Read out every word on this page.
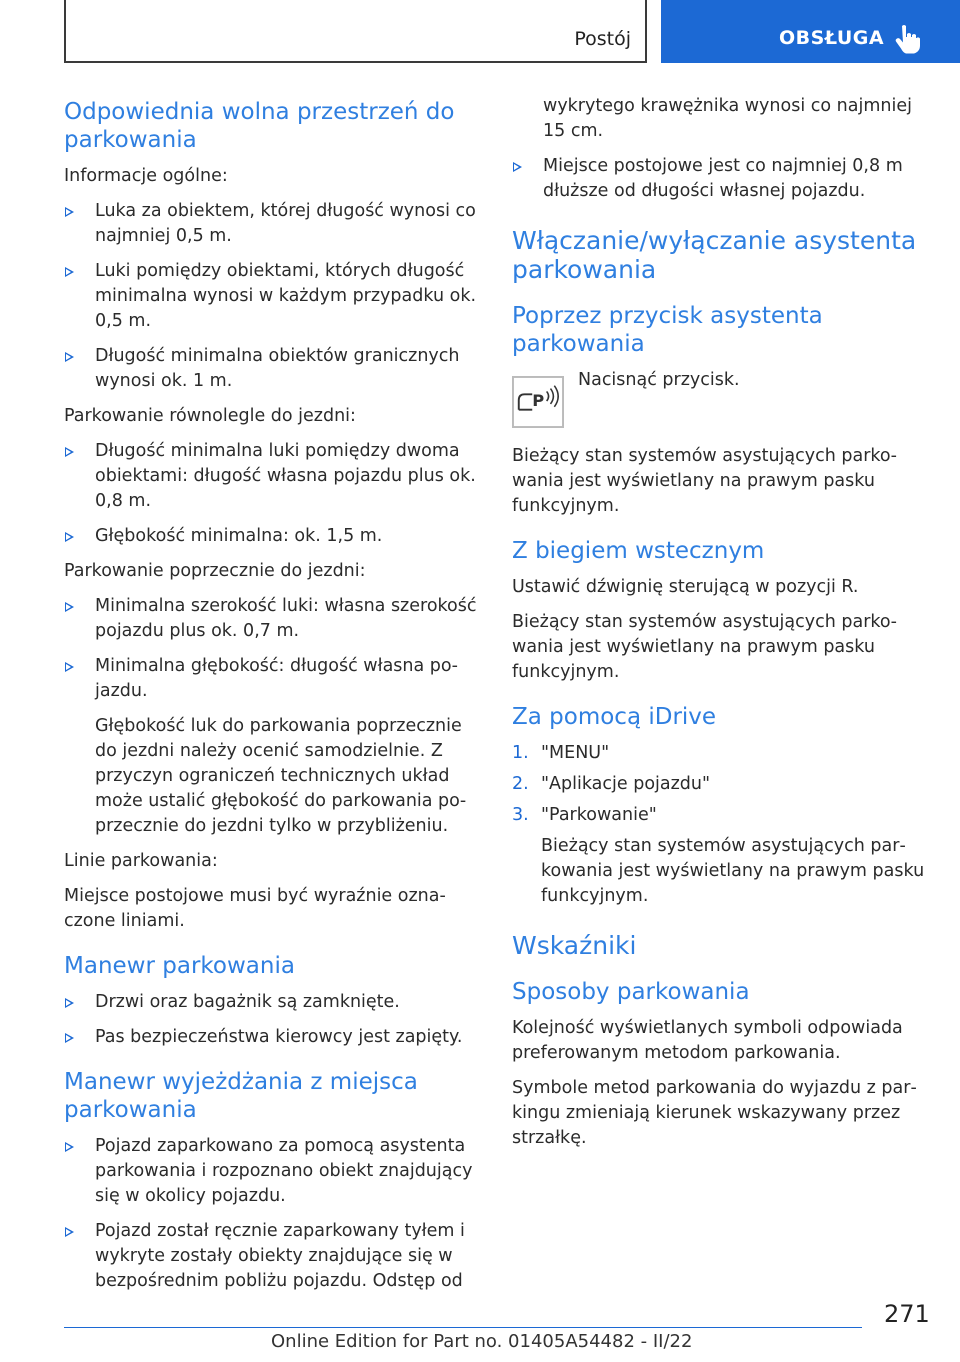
Postój	OBSŁUGA
Odpowiednia wolna przestrzeń do parkowania

Informacje ogólne:

Luka za obiektem, której długość wynosi co najmniej 0,5 m.
Luki pomiędzy obiektami, których długość minimalna wynosi w każdym przypadku ok. 0,5 m.
Długość minimalna obiektów granicznych wynosi ok. 1 m.

Parkowanie równolegle do jezdni:

Długość minimalna luki pomiędzy dwoma obiektami: długość własna pojazdu plus ok. 0,8 m.
Głębokość minimalna: ok. 1,5 m.

Parkowanie poprzecznie do jezdni:

Minimalna szerokość luki: własna szerokość pojazdu plus ok. 0,7 m.
Minimalna głębokość: długość własna pojazdu.
Głębokość luk do parkowania poprzecznie do jezdni należy ocenić samodzielnie. Z przyczyn ograniczeń technicznych układ może ustalić głębokość do parkowania poprzecznie do jezdni tylko w przybliżeniu.

Linie parkowania:

Miejsce postojowe musi być wyraźnie oznaczone liniami.

Manewr parkowania
Drzwi oraz bagażnik są zamknięte.
Pas bezpieczeństwa kierowcy jest zapięty.
Manewr wyjeżdżania z miejsca parkowania
Pojazd zaparkowano za pomocą asystenta parkowania i rozpoznano obiekt znajdujący się w okolicy pojazdu.
Pojazd został ręcznie zaparkowany tyłem i wykryte zostały obiekty znajdujące się w bezpośrednim pobliżu pojazdu. Odstęp od
wykrytego krawężnika wynosi co najmniej 15 cm.
Miejsce postojowe jest co najmniej 0,8 m dłuższe od długości własnej pojazdu.
Włączanie/wyłączanie asystenta parkowania
Poprzez przycisk asystenta parkowania
P
Nacisnąć przycisk.

Bieżący stan systemów asystujących parkowania jest wyświetlany na prawym pasku funkcyjnym.

Z biegiem wstecznym

Ustawić dźwignię sterującą w pozycji R.

Bieżący stan systemów asystujących parkowania jest wyświetlany na prawym pasku funkcyjnym.

Za pomocą iDrive
1. "MENU"
2. "Aplikacje pojazdu"
3. "Parkowanie"
Bieżący stan systemów asystujących parkowania jest wyświetlany na prawym pasku funkcyjnym.
Wskaźniki
Sposoby parkowania

Kolejność wyświetlanych symboli odpowiada preferowanym metodom parkowania.

Symbole metod parkowania do wyjazdu z parkingu zmieniają kierunek wskazywany przez strzałkę.

271
Online Edition for Part no. 01405A54482 - II/22
